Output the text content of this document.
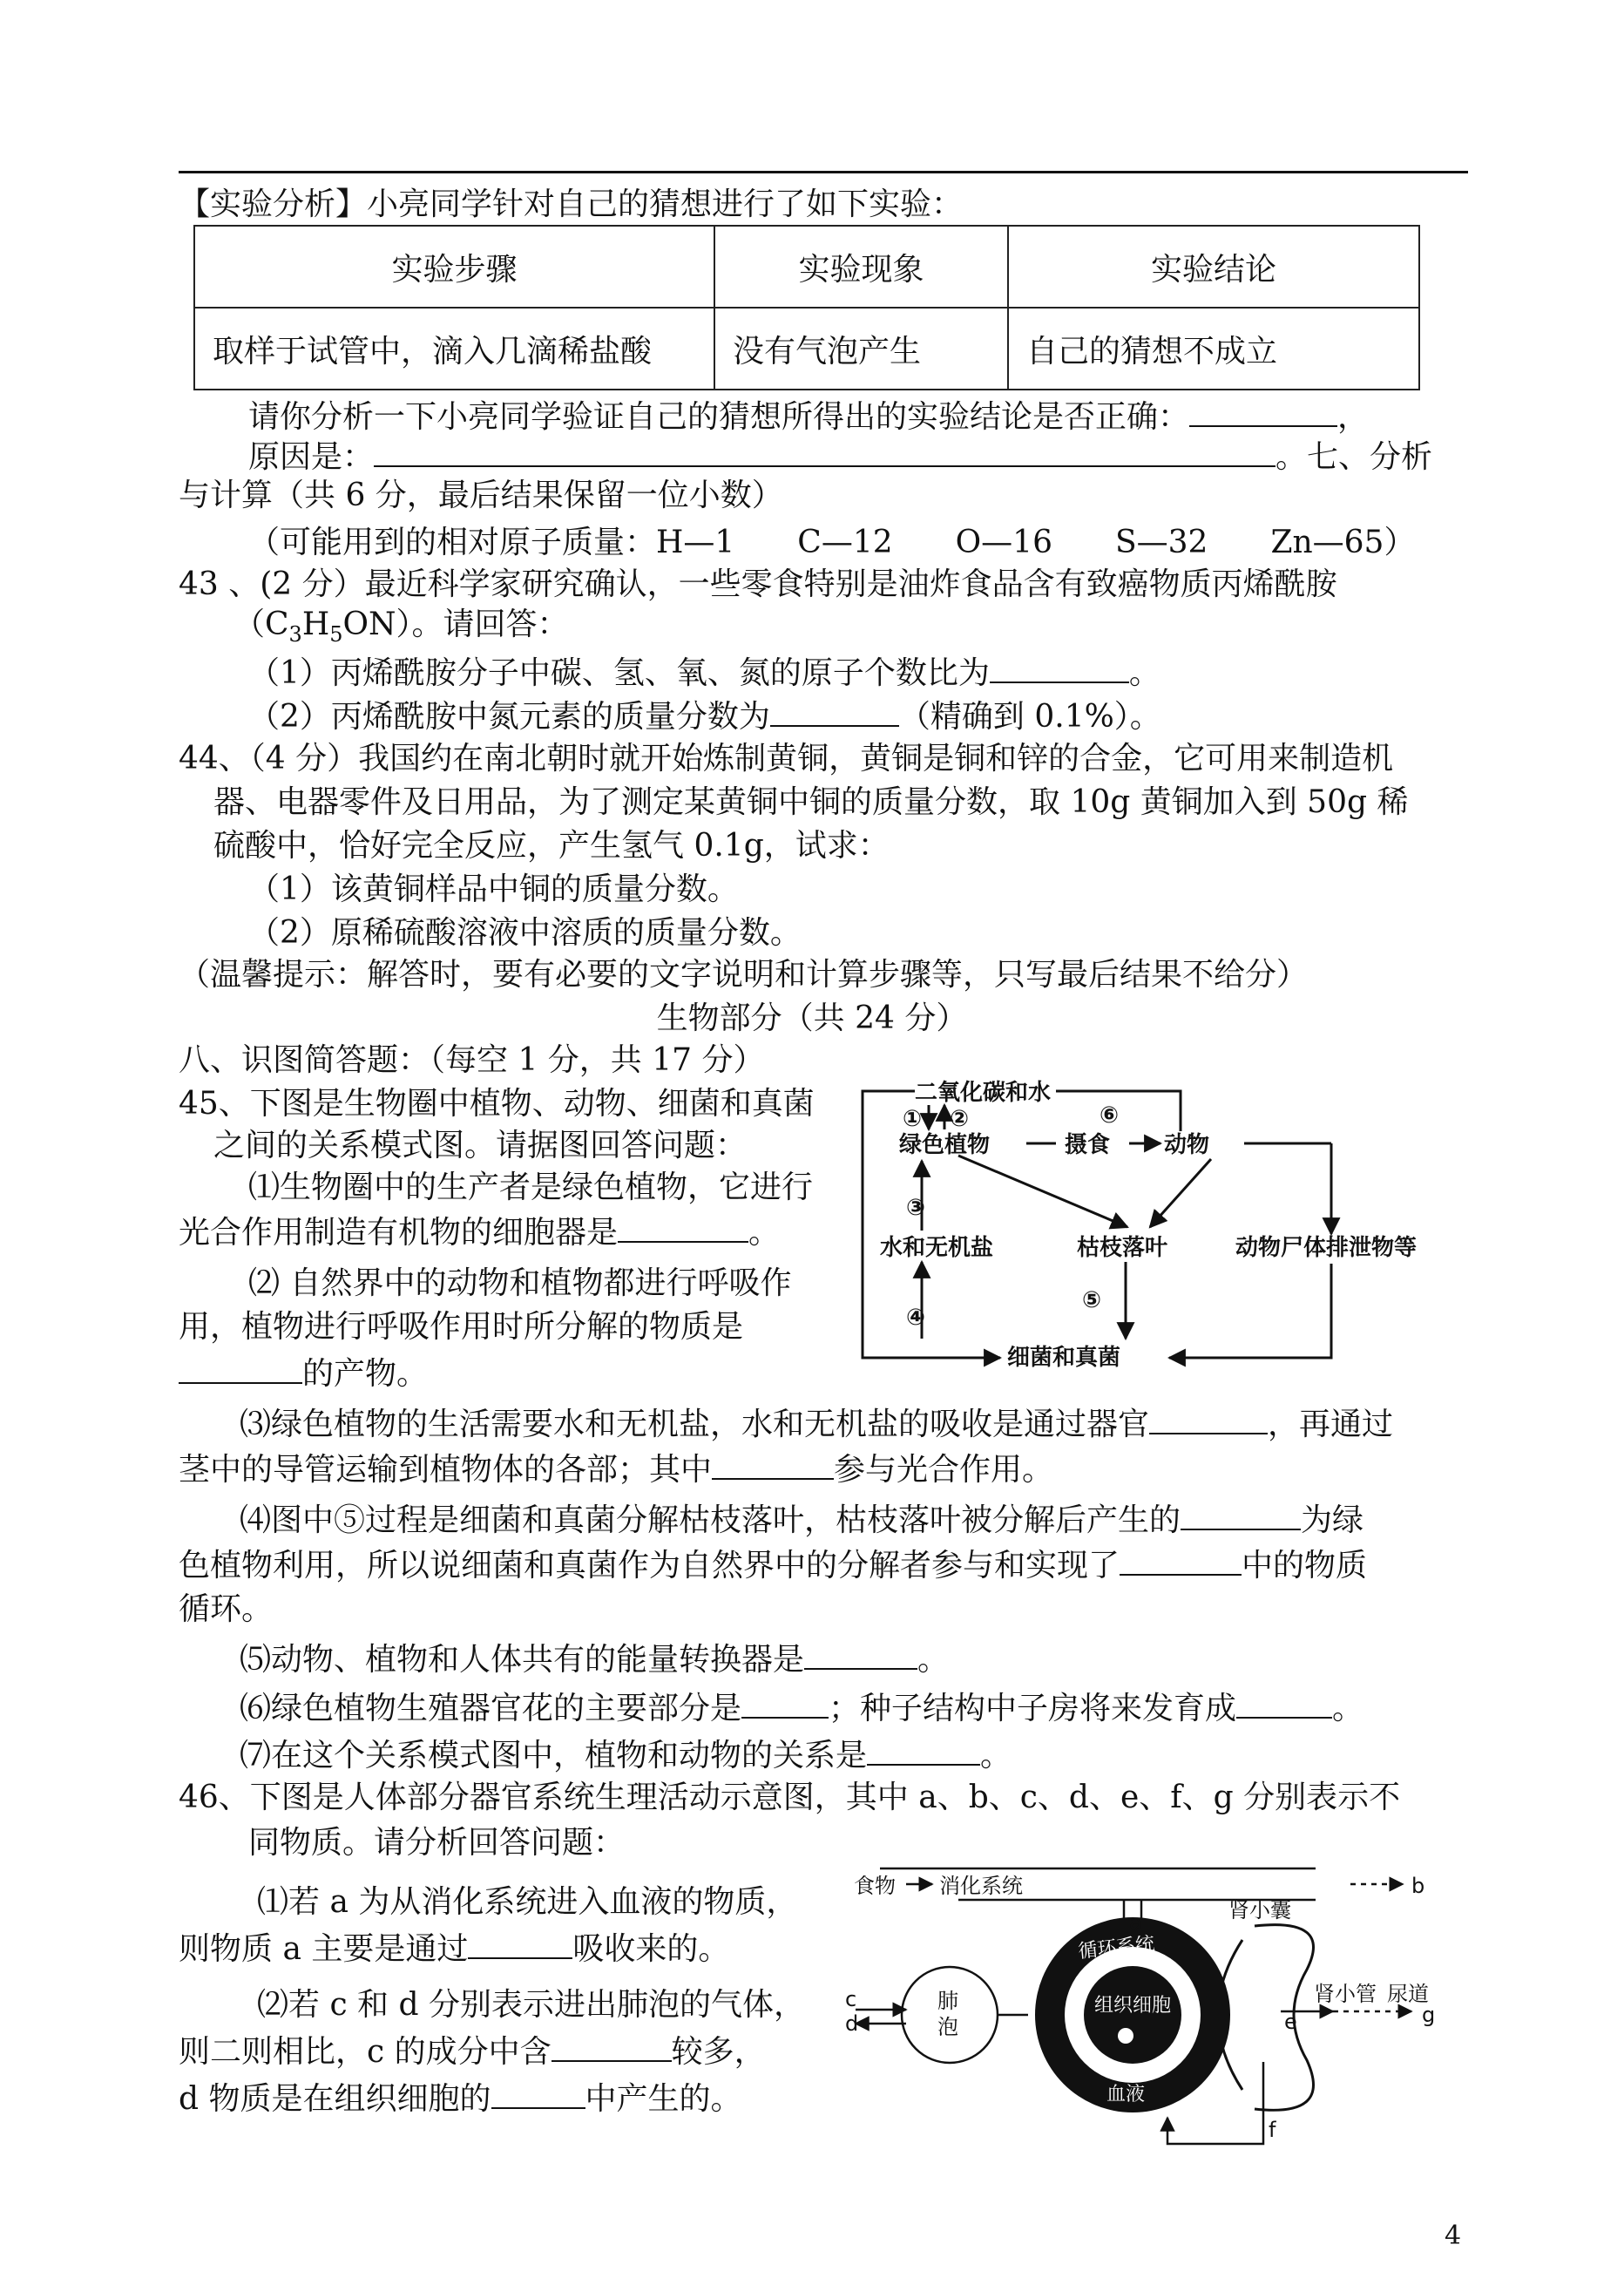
【实验分析】小亮同学针对自己的猜想进行了如下实验：
实验步骤	实验现象	实验结论
取样于试管中，滴入几滴稀盐酸	没有气泡产生	自己的猜想不成立
请你分析一下小亮同学验证自己的猜想所得出的实验结论是否正确：	，
原因是：	。七、分析
与计算（共 6 分，最后结果保留一位小数）
（可能用到的相对原子质量：H—1　　C—12　　O—16　　S—32　　Zn—65）
43 、(2 分）最近科学家研究确认，一些零食特别是油炸食品含有致癌物质丙烯酰胺
$(C_3H_5ON)$。请回答：
（1）丙烯酰胺分子中碳、氢、氧、氮的原子个数比为	。
（2）丙烯酰胺中氮元素的质量分数为	（精确到 0.1%）。
44、（4 分）我国约在南北朝时就开始炼制黄铜，黄铜是铜和锌的合金，它可用来制造机
器、电器零件及日用品，为了测定某黄铜中铜的质量分数，取 10g 黄铜加入到 50g 稀
硫酸中，恰好完全反应，产生氢气 0.1g，试求：
（1）该黄铜样品中铜的质量分数。
（2）原稀硫酸溶液中溶质的质量分数。
（温馨提示：解答时，要有必要的文字说明和计算步骤等，只写最后结果不给分）
生物部分（共 24 分）
八、识图简答题：（每空 1 分，共 17 分）
45、下图是生物圈中植物、动物、细菌和真菌
之间的关系模式图。请据图回答问题：
⑴生物圈中的生产者是绿色植物，它进行
光合作用制造有机物的细胞器是	。
⑵ 自然界中的动物和植物都进行呼吸作
用，植物进行呼吸作用时所分解的物质是
的产物。
⑶绿色植物的生活需要水和无机盐，水和无机盐的吸收是通过器官	，再通过
茎中的导管运输到植物体的各部；其中	参与光合作用。
⑷图中⑤过程是细菌和真菌分解枯枝落叶，枯枝落叶被分解后产生的	为绿
色植物利用，所以说细菌和真菌作为自然界中的分解者参与和实现了	中的物质
循环。
⑸动物、植物和人体共有的能量转换器是	。
⑹绿色植物生殖器官花的主要部分是	；种子结构中子房将来发育成	。
⑺在这个关系模式图中，植物和动物的关系是	。
46、下图是人体部分器官系统生理活动示意图，其中 a、b、c、d、e、f、g 分别表示不
同物质。请分析回答问题：
⑴若 a 为从消化系统进入血液的物质，
则物质 a 主要是通过	吸收来的。
⑵若 c 和 d 分别表示进出肺泡的气体，
则二则相比，c 的成分中含	较多，
d 物质是在组织细胞的	中产生的。
二氧化碳和水
① ②
绿色植物	摄食
⑥
动物
③
水和无机盐	枯枝落叶	动物尸体排泄物等
④
⑤
细菌和真菌
食物 消化系统	b
a	肾小囊
c
d
肺
泡
肾小管 尿道
e	g
f
循环系统
组织细胞
血液
4
